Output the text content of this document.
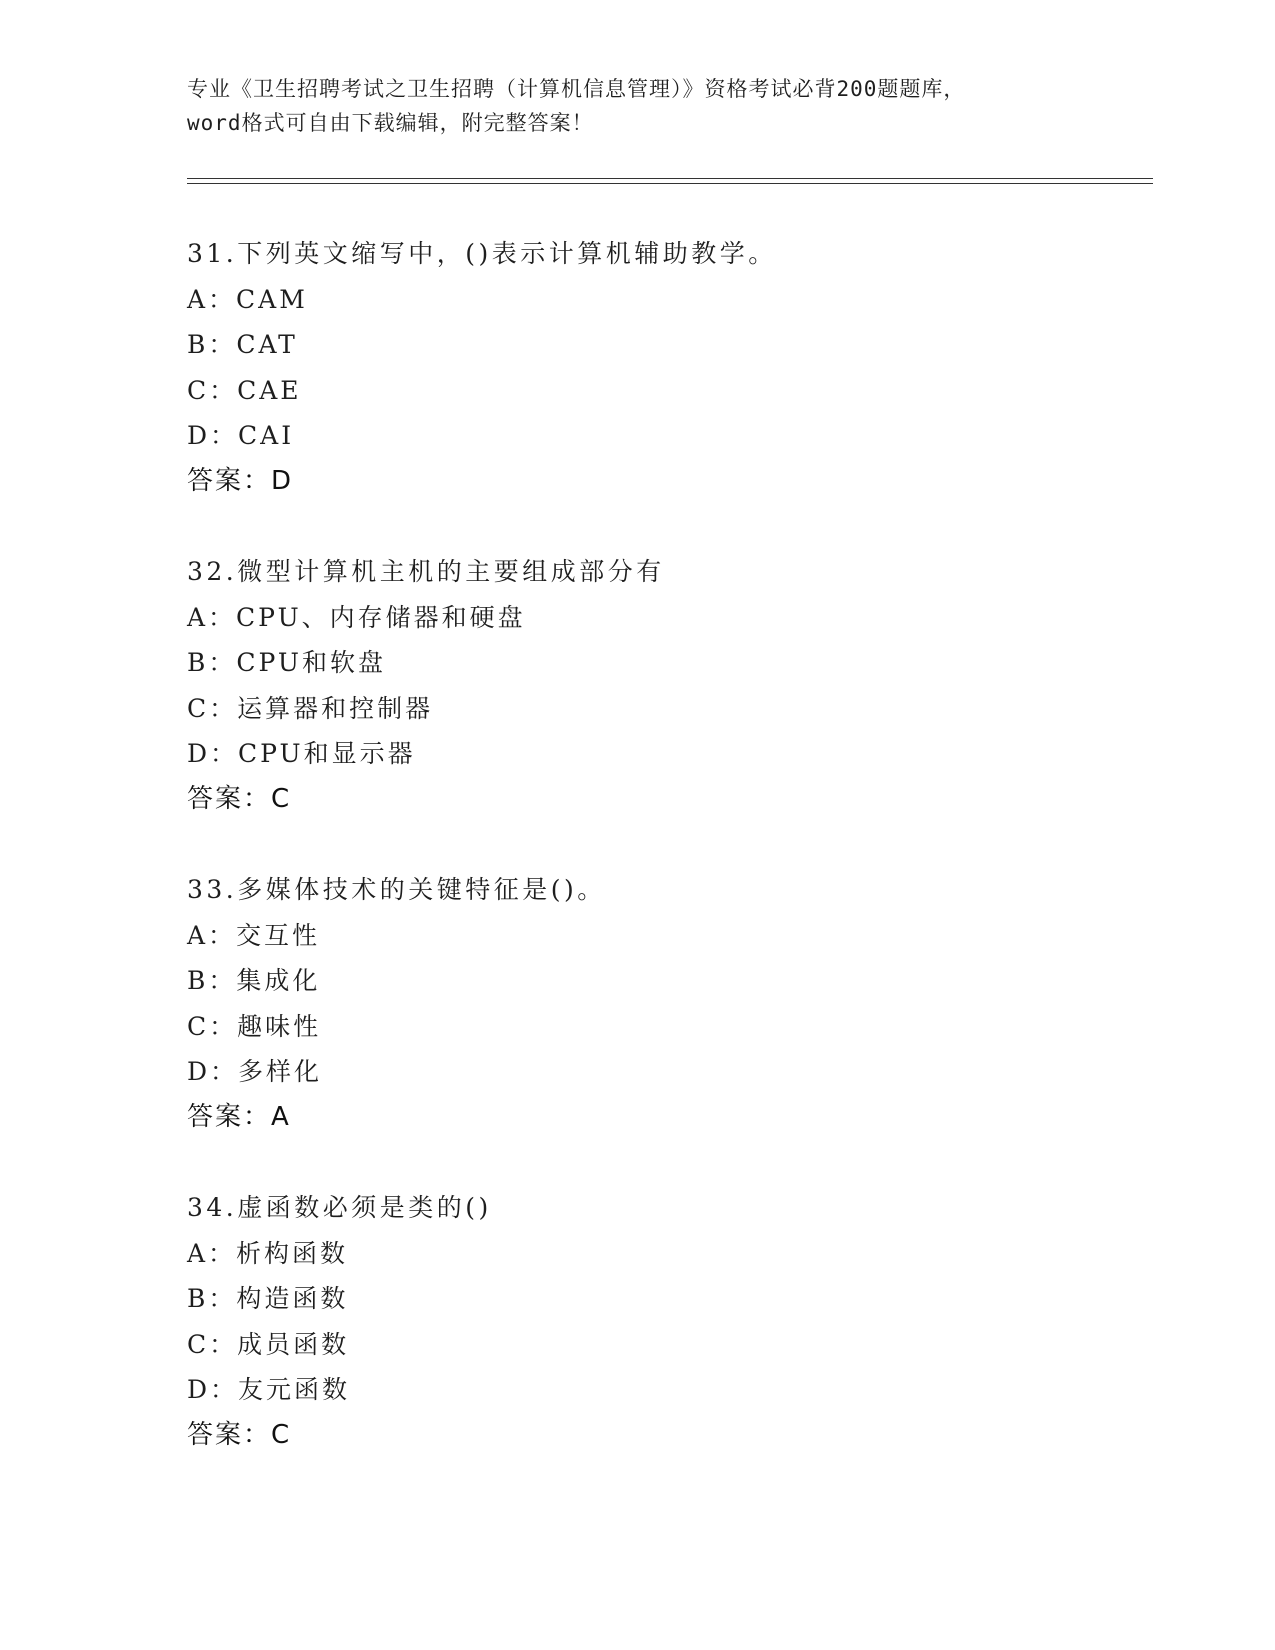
专业《卫生招聘考试之卫生招聘（计算机信息管理）》资格考试必背200题题库，
word格式可自由下载编辑，附完整答案！
31.下列英文缩写中，()表示计算机辅助教学。
A：CAM
B：CAT
C：CAE
D：CAI
答案：D
32.微型计算机主机的主要组成部分有
A：CPU、内存储器和硬盘
B：CPU和软盘
C：运算器和控制器
D：CPU和显示器
答案：C
33.多媒体技术的关键特征是()。
A：交互性
B：集成化
C：趣味性
D：多样化
答案：A
34.虚函数必须是类的()
A：析构函数
B：构造函数
C：成员函数
D：友元函数
答案：C
